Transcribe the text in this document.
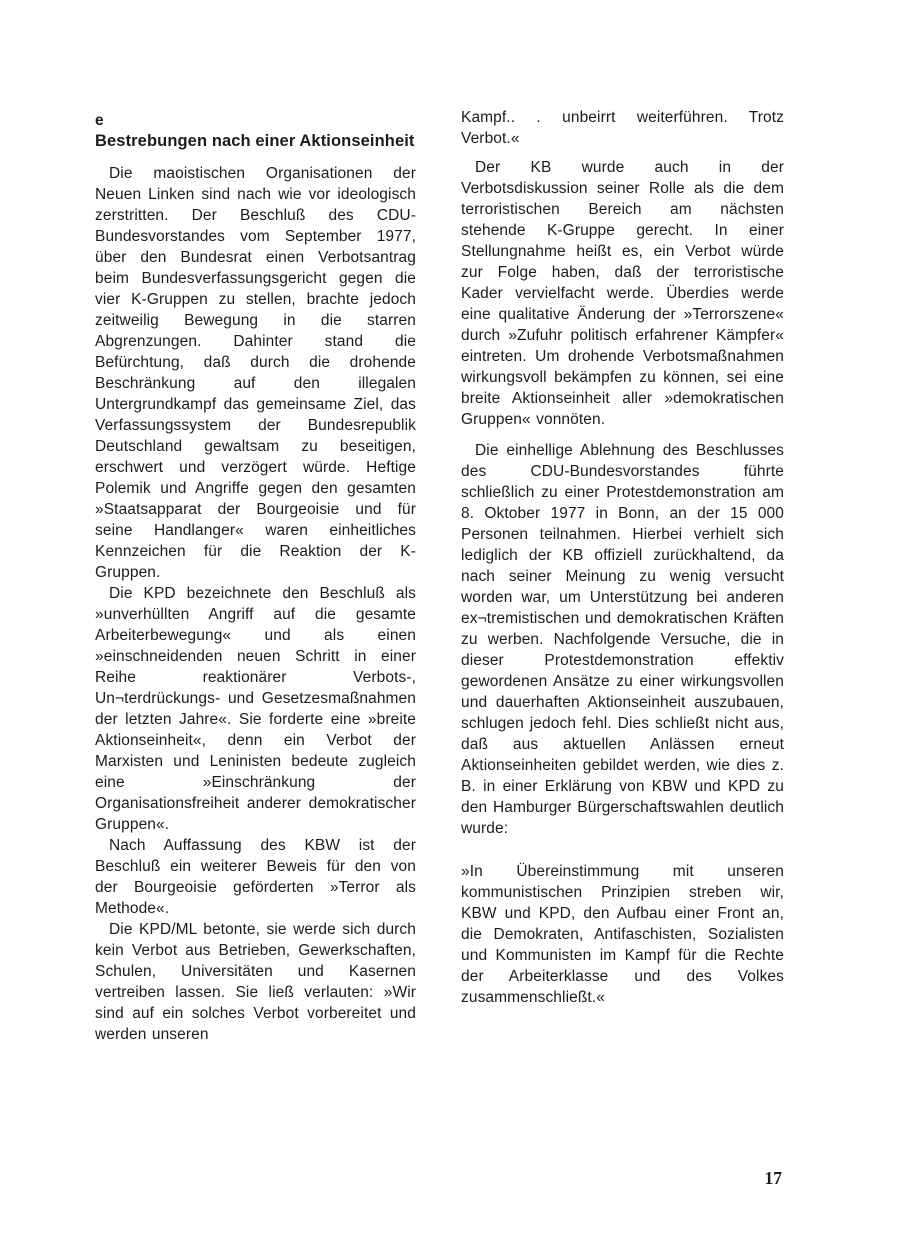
e
Bestrebungen nach einer Aktionseinheit

Die maoistischen Organisationen der Neuen Linken sind nach wie vor ideologisch zerstritten. Der Beschluß des CDU-Bundesvorstandes vom September 1977, über den Bundesrat einen Verbotsantrag beim Bundesverfassungsgericht gegen die vier K-Gruppen zu stellen, brachte jedoch zeitweilig Bewegung in die starren Abgrenzungen. Dahinter stand die Befürchtung, daß durch die drohende Beschränkung auf den illegalen Untergrundkampf das gemeinsame Ziel, das Verfassungssystem der Bundesrepublik Deutschland gewaltsam zu beseitigen, erschwert und verzögert würde. Heftige Polemik und Angriffe gegen den gesamten »Staatsapparat der Bourgeoisie und für seine Handlanger« waren einheitliches Kennzeichen für die Reaktion der K-Gruppen.

Die KPD bezeichnete den Beschluß als »unverhüllten Angriff auf die gesamte Arbeiterbewegung« und als einen »einschneidenden neuen Schritt in einer Reihe reaktionärer Verbots-, Un¬terdrückungs- und Gesetzesmaßnahmen der letzten Jahre«. Sie forderte eine »breite Aktionseinheit«, denn ein Verbot der Marxisten und Leninisten bedeute zugleich eine »Einschränkung der Organisationsfreiheit anderer demokratischer Gruppen«.

Nach Auffassung des KBW ist der Beschluß ein weiterer Beweis für den von der Bourgeoisie geförderten »Terror als Methode«.

Die KPD/ML betonte, sie werde sich durch kein Verbot aus Betrieben, Gewerkschaften, Schulen, Universitäten und Kasernen vertreiben lassen. Sie ließ verlauten: »Wir sind auf ein solches Verbot vorbereitet und werden unseren

Kampf.. . unbeirrt weiterführen. Trotz Verbot.«

Der KB wurde auch in der Verbotsdiskussion seiner Rolle als die dem terroristischen Bereich am nächsten stehende K-Gruppe gerecht. In einer Stellungnahme heißt es, ein Verbot würde zur Folge haben, daß der terroristische Kader vervielfacht werde. Überdies werde eine qualitative Änderung der »Terrorszene« durch »Zufuhr politisch erfahrener Kämpfer« eintreten. Um drohende Verbotsmaßnahmen wirkungsvoll bekämpfen zu können, sei eine breite Aktionseinheit aller »demokratischen Gruppen« vonnöten.

Die einhellige Ablehnung des Beschlusses des CDU-Bundesvorstandes führte schließlich zu einer Protestdemonstration am 8. Oktober 1977 in Bonn, an der 15 000 Personen teilnahmen. Hierbei verhielt sich lediglich der KB offiziell zurückhaltend, da nach seiner Meinung zu wenig versucht worden war, um Unterstützung bei anderen ex¬tremistischen und demokratischen Kräften zu werben. Nachfolgende Versuche, die in dieser Protestdemonstration effektiv gewordenen Ansätze zu einer wirkungsvollen und dauerhaften Aktionseinheit auszubauen, schlugen jedoch fehl. Dies schließt nicht aus, daß aus aktuellen Anlässen erneut Aktionseinheiten gebildet werden, wie dies z. B. in einer Erklärung von KBW und KPD zu den Hamburger Bürgerschaftswahlen deutlich wurde:

»In Übereinstimmung mit unseren kommunistischen Prinzipien streben wir, KBW und KPD, den Aufbau einer Front an, die Demokraten, Antifaschisten, Sozialisten und Kommunisten im Kampf für die Rechte der Arbeiterklasse und des Volkes zusammenschließt.«

17
